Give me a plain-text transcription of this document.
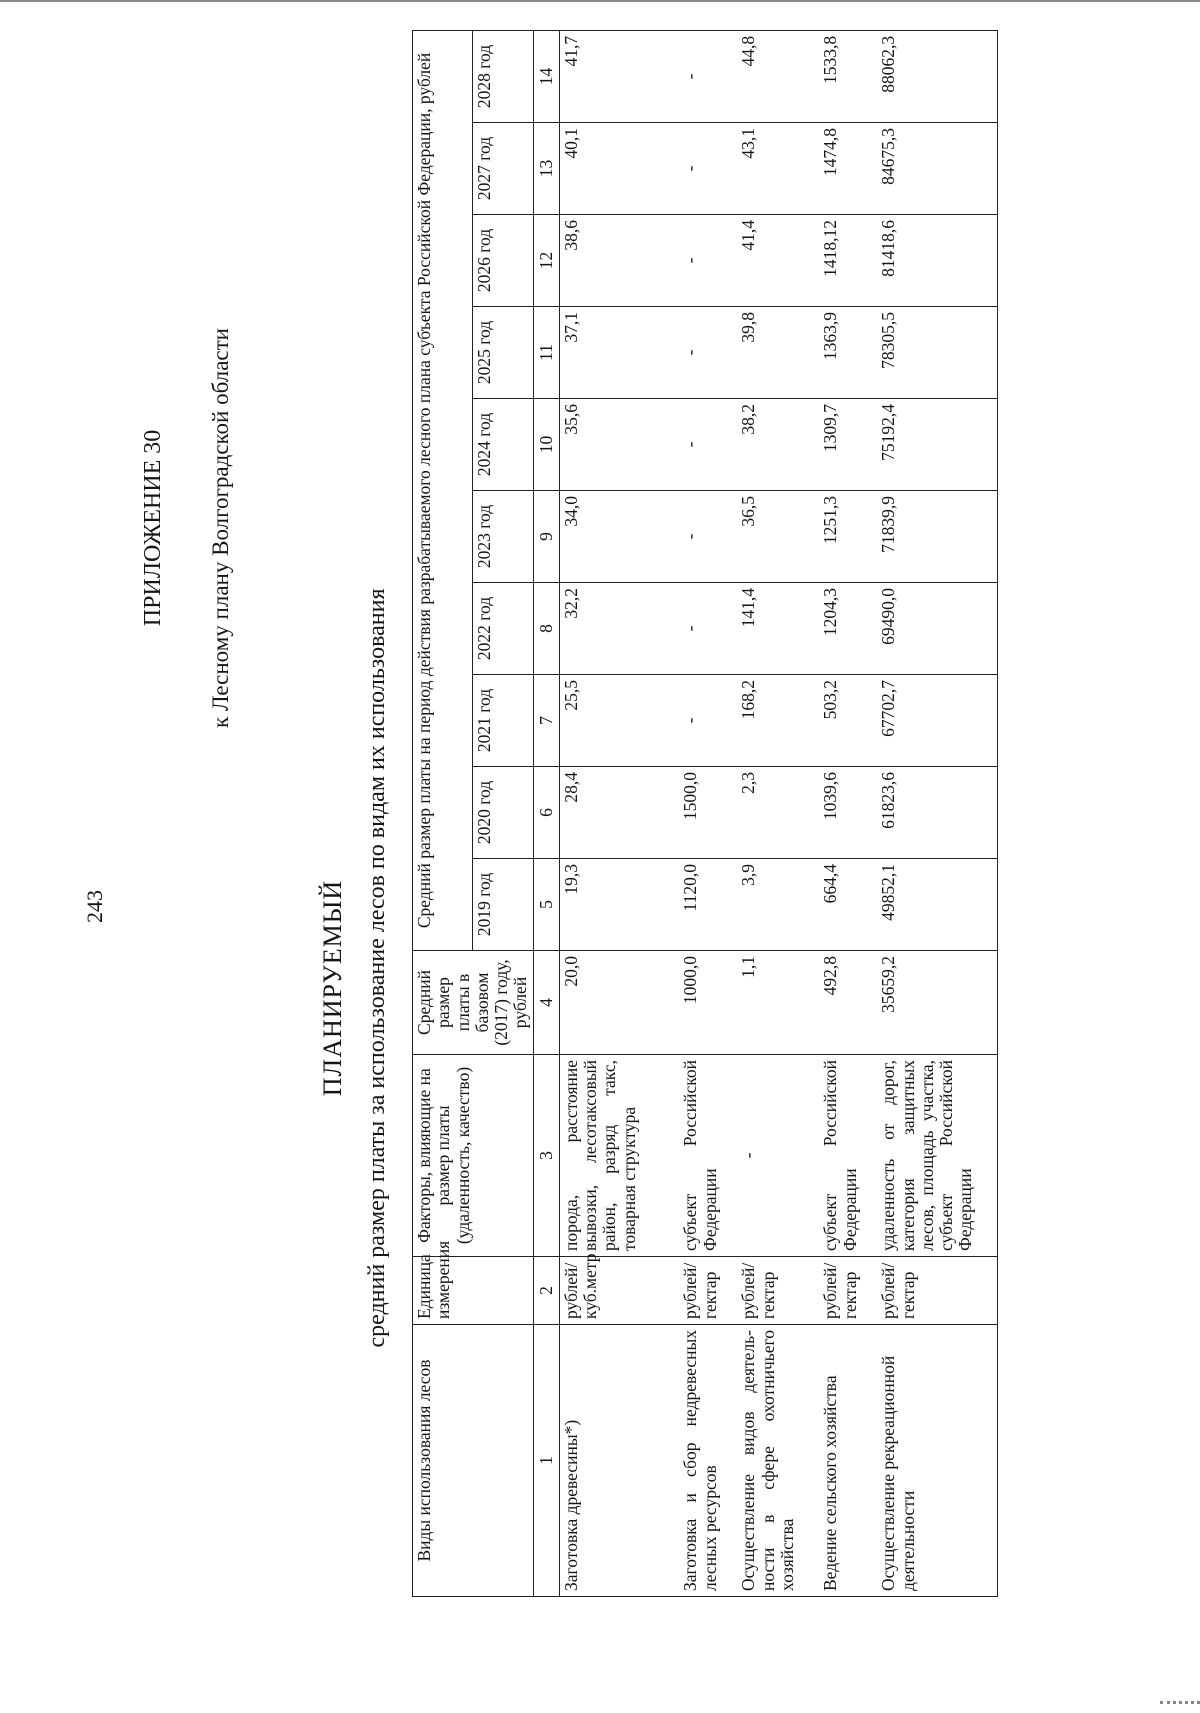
243
ПРИЛОЖЕНИЕ 30 к Лесному плану Волгоградской области
ПЛАНИРУЕМЫЙ средний размер платы за использование лесов по видам их использования
Виды использования лесов	Единица измерения	Факторы, влияющие на размер платы (удаленность, качество)	Средний размер платы в базовом (2017) году, рублей	Средний размер платы на период действия разрабатываемого лесного плана субъекта Российской Федерации, рублей									
				2019 год	2020 год	2021 год	2022 год	2023 год	2024 год	2025 год	2026 год	2027 год	2028 год
1	2	3	4	5	6	7	8	9	10	11	12	13	14
Заготовка древесины*)	рублей/ куб.метр	порода, расстояние вывозки, лесотаксовый район, разряд такс, товарная структура	20,0	19,3	28,4	25,5	32,2	34,0	35,6	37,1	38,6	40,1	41,7
Заготовка и сбор недревесных лесных ресурсов	рублей/ гектар	субъект Российской Федерации	1000,0	1120,0	1500,0	-	-	-	-	-	-	-	-
Осуществление видов деятель-ности в сфере охотничьего хозяйства	рублей/ гектар	-	1,1	3,9	2,3	168,2	141,4	36,5	38,2	39,8	41,4	43,1	44,8
Ведение сельского хозяйства	рублей/ гектар	субъект Российской Федерации	492,8	664,4	1039,6	503,2	1204,3	1251,3	1309,7	1363,9	1418,12	1474,8	1533,8
Осуществление рекреационной деятельности	рублей/ гектар	удаленность от дорог, категория защитных лесов, площадь участка, субъект Российской Федерации	35659,2	49852,1	61823,6	67702,7	69490,0	71839,9	75192,4	78305,5	81418,6	84675,3	88062,3
